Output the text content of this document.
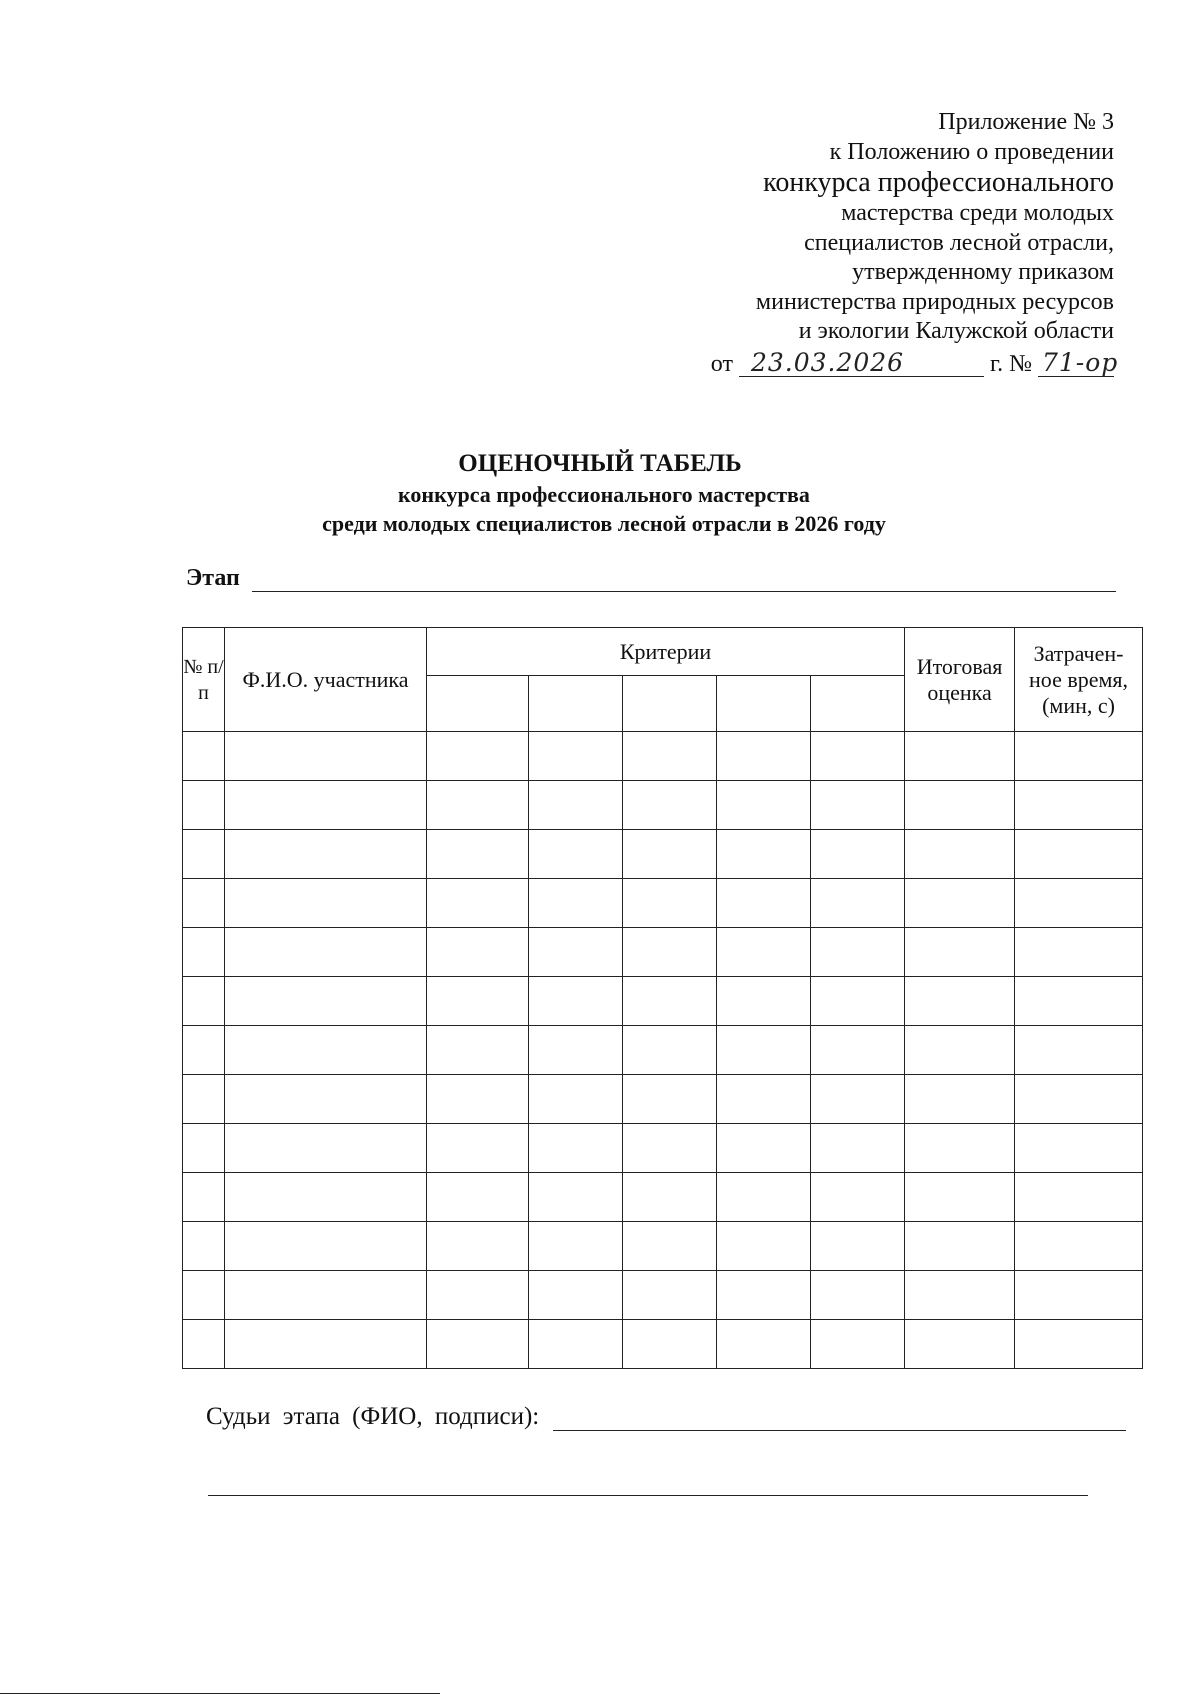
Приложение № 3
к Положению о проведении
конкурса профессионального
мастерства среди молодых
специалистов лесной отрасли,
утвержденному приказом
министерства природных ресурсов
и экологии Калужской области
от 23.03.2026	г. № 71-ор
ОЦЕНОЧНЫЙ ТАБЕЛЬ
конкурса профессионального мастерства
среди молодых специалистов лесной отрасли в 2026 году
Этап
№ п/ п	Ф.И.О. участника	Критерии					Итоговая оценка	Затрачен- ное время, (мин, с)

Судьи этапа (ФИО, подписи):
